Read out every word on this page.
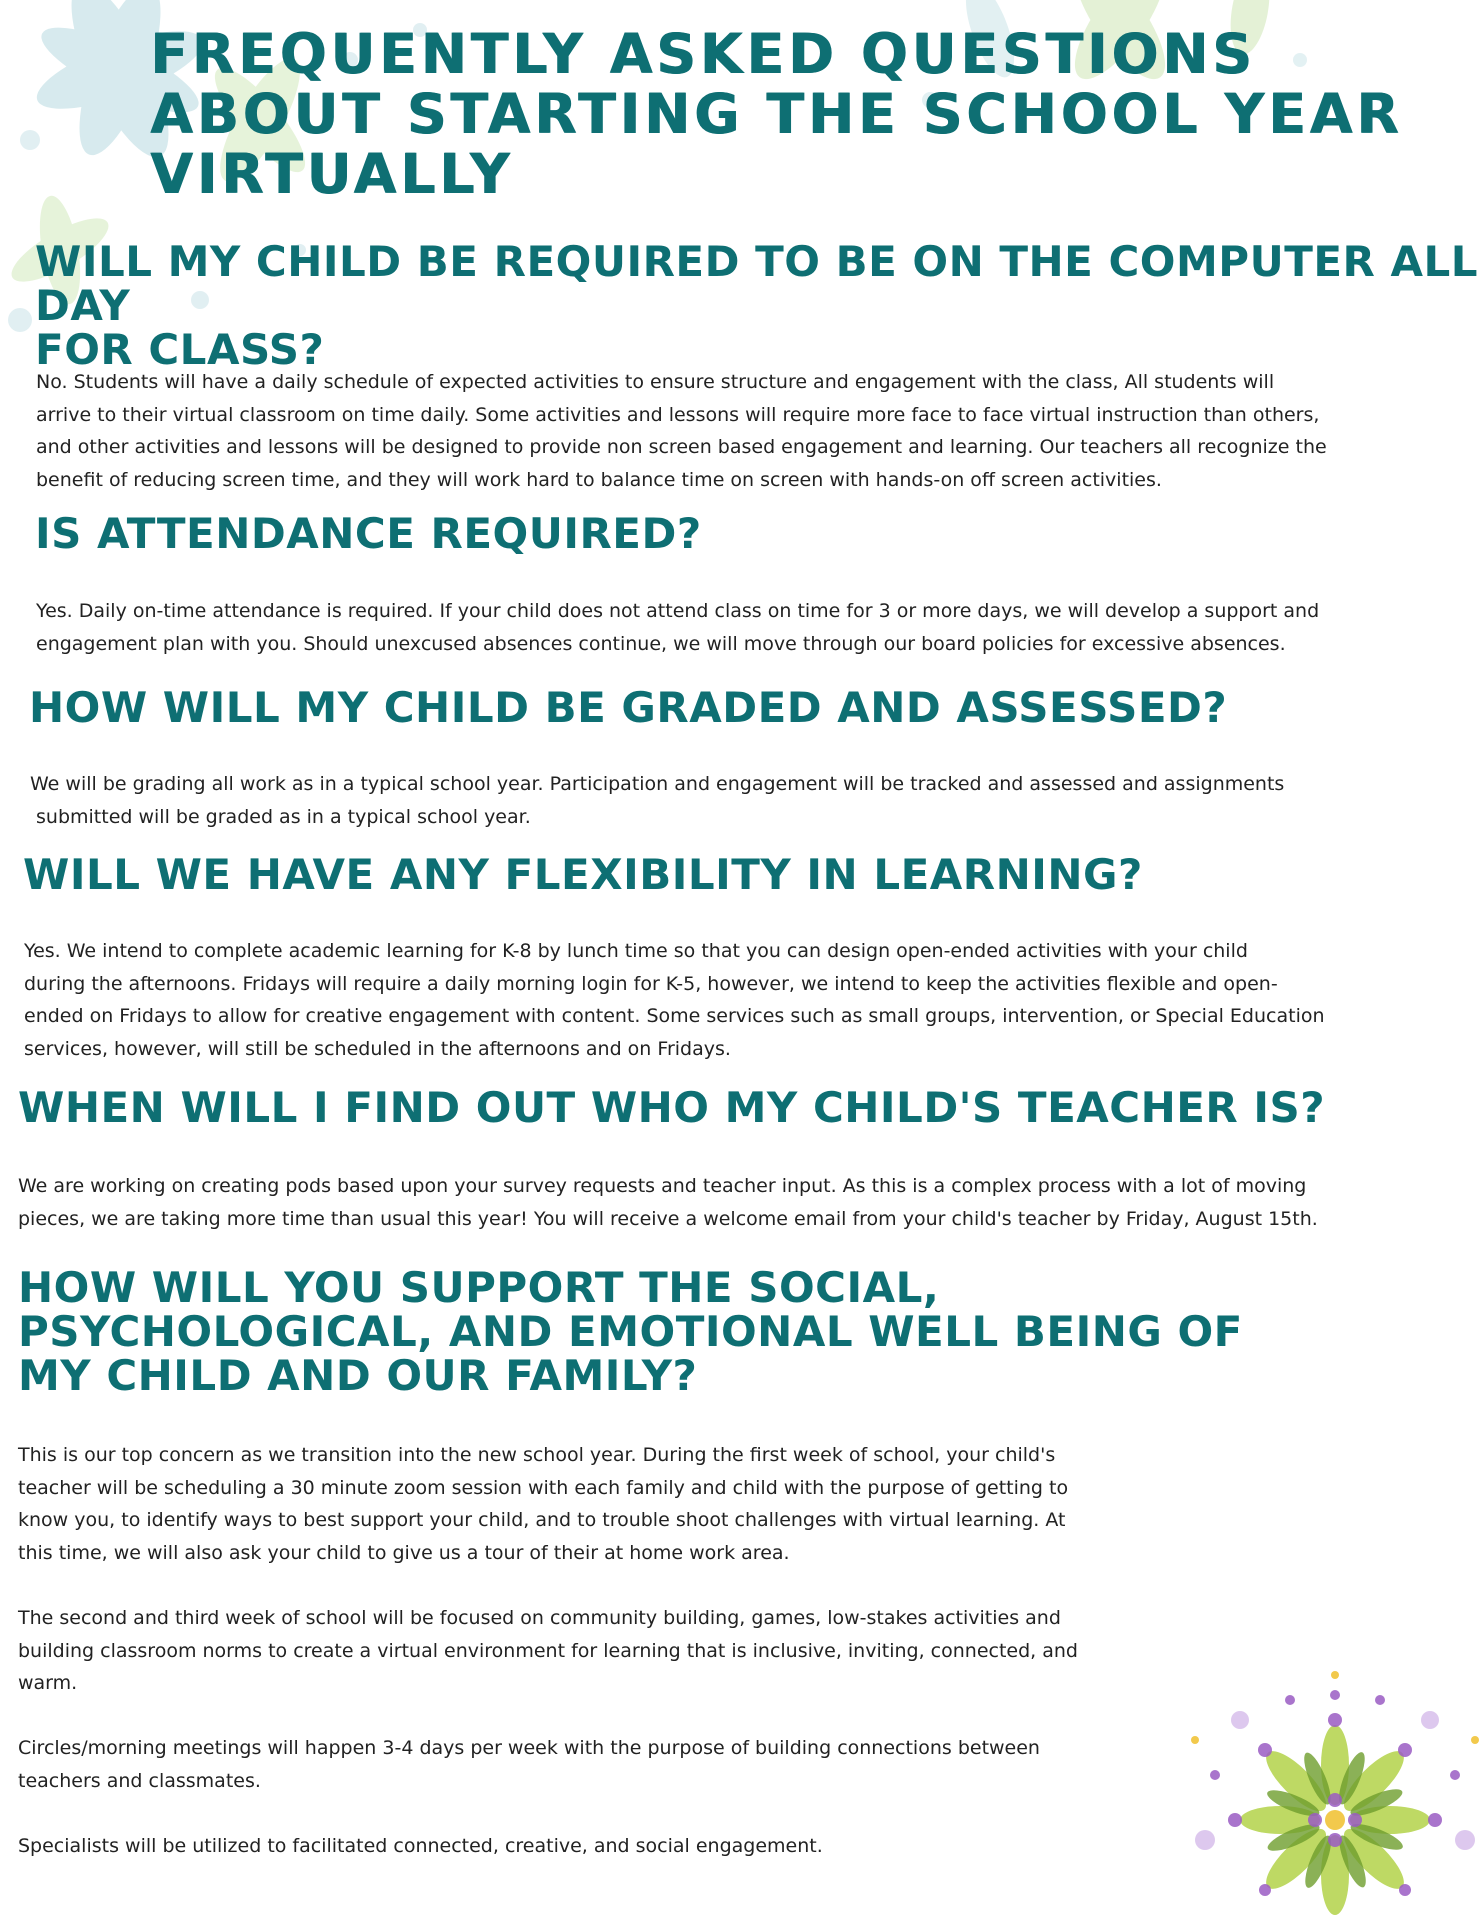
FREQUENTLY ASKED QUESTIONS
ABOUT STARTING THE SCHOOL YEAR
VIRTUALLY
WILL MY CHILD BE REQUIRED TO BE ON THE COMPUTER ALL DAY
FOR CLASS?
No. Students will have a daily schedule of expected activities to ensure structure and engagement with the class, All students will
arrive to their virtual classroom on time daily. Some activities and lessons will require more face to face virtual instruction than others,
and other activities and lessons will be designed to provide non screen based engagement and learning. Our teachers all recognize the
benefit of reducing screen time, and they will work hard to balance time on screen with hands-on off screen activities.
IS ATTENDANCE REQUIRED?
Yes. Daily on-time attendance is required. If your child does not attend class on time for 3 or more days, we will develop a support and
engagement plan with you. Should unexcused absences continue, we will move through our board policies for excessive absences.
HOW WILL MY CHILD BE GRADED AND ASSESSED?
We will be grading all work as in a typical school year. Participation and engagement will be tracked and assessed and assignments
submitted will be graded as in a typical school year.
WILL WE HAVE ANY FLEXIBILITY IN LEARNING?
Yes. We intend to complete academic learning for K-8 by lunch time so that you can design open-ended activities with your child
during the afternoons. Fridays will require a daily morning login for K-5, however, we intend to keep the activities flexible and open-
ended on Fridays to allow for creative engagement with content. Some services such as small groups, intervention, or Special Education
services, however, will still be scheduled in the afternoons and on Fridays.
WHEN WILL I FIND OUT WHO MY CHILD'S TEACHER IS?
We are working on creating pods based upon your survey requests and teacher input. As this is a complex process with a lot of moving
pieces, we are taking more time than usual this year! You will receive a welcome email from your child's teacher by Friday, August 15th.
HOW WILL YOU SUPPORT THE SOCIAL,
PSYCHOLOGICAL, AND EMOTIONAL WELL BEING OF
MY CHILD AND OUR FAMILY?
This is our top concern as we transition into the new school year. During the first week of school, your child's
teacher will be scheduling a 30 minute zoom session with each family and child with the purpose of getting to
know you, to identify ways to best support your child, and to trouble shoot challenges with virtual learning. At
this time, we will also ask your child to give us a tour of their at home work area.
The second and third week of school will be focused on community building, games, low-stakes activities and
building classroom norms to create a virtual environment for learning that is inclusive, inviting, connected, and
warm.
Circles/morning meetings will happen 3-4 days per week with the purpose of building connections between
teachers and classmates.
Specialists will be utilized to facilitated connected, creative, and social engagement.
